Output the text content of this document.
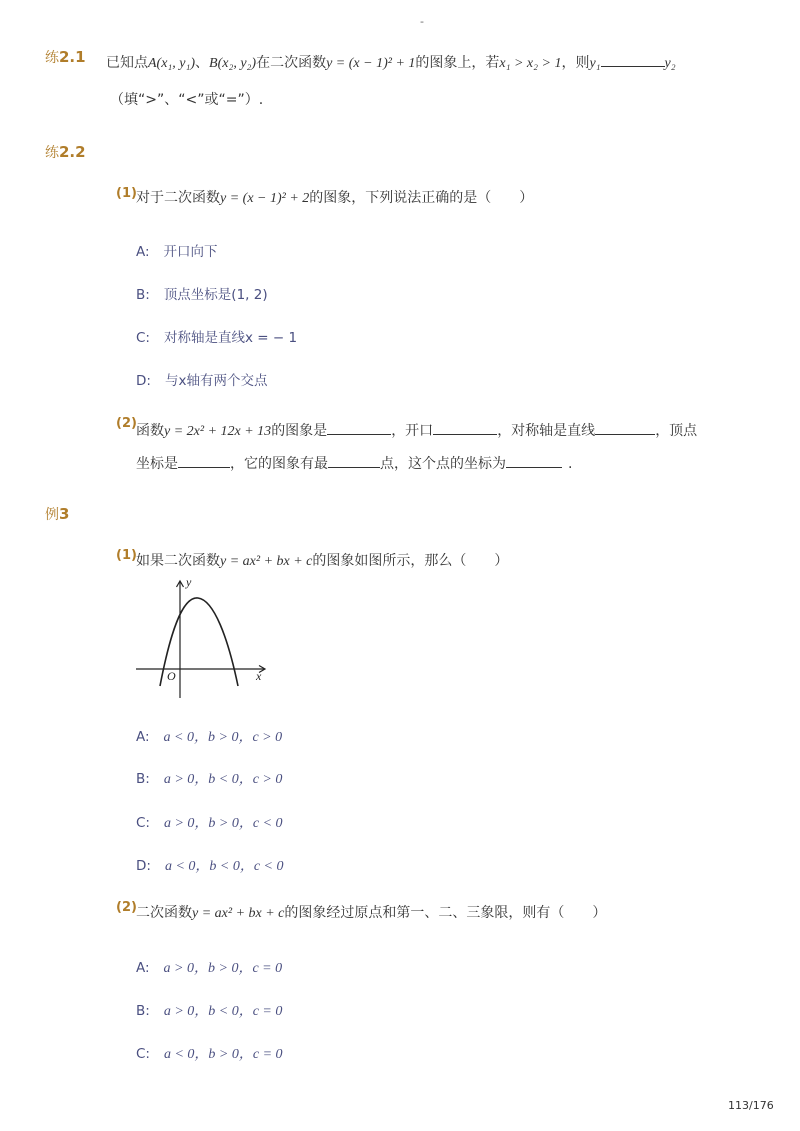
-
练2.1 已知点A(x₁, y₁)、B(x₂, y₂)在二次函数y = (x − 1)² + 1的图象上，若x₁ > x₂ > 1，则y₁	y₂
（填“>”、“<”或“=”）.
练2.2
(1) 对于二次函数y = (x − 1)² + 2的图象，下列说法正确的是（　　）
A: 开口向下
B: 顶点坐标是(1, 2)
C: 对称轴是直线x = − 1
D: 与x轴有两个交点
(2) 函数y = 2x² + 12x + 13的图象是	，开口	，对称轴是直线	，顶点
坐标是	，它的图象有最	点，这个点的坐标为	.
例3
(1) 如果二次函数y = ax² + bx + c的图象如图所示，那么（　　）
y
x
O
A: a < 0，b > 0，c > 0
B: a > 0，b < 0，c > 0
C: a > 0，b > 0，c < 0
D: a < 0，b < 0，c < 0
(2) 二次函数y = ax² + bx + c的图象经过原点和第一、二、三象限，则有（　　）
A: a > 0，b > 0，c = 0
B: a > 0，b < 0，c = 0
C: a < 0，b > 0，c = 0
113/176
